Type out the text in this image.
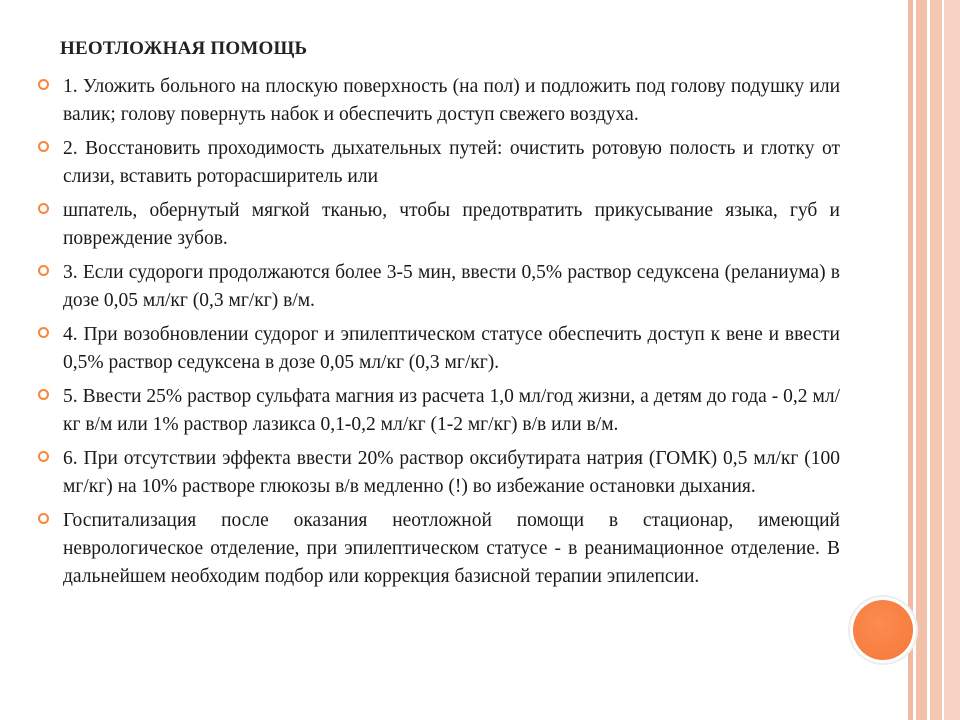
НЕОТЛОЖНАЯ ПОМОЩЬ
1. Уложить больного на плоскую поверхность (на пол) и подложить под голову подушку или валик; голову повернуть набок и обеспечить доступ свежего воздуха.
2. Восстановить проходимость дыхательных путей: очистить ротовую полость и глотку от слизи, вставить роторасширитель или
шпатель, обернутый мягкой тканью, чтобы предотвратить прикусывание языка, губ и повреждение зубов.
3. Если судороги продолжаются более 3-5 мин, ввести 0,5% раствор седуксена (реланиума) в дозе 0,05 мл/кг (0,3 мг/кг) в/м.
4. При возобновлении судорог и эпилептическом статусе обеспечить доступ к вене и ввести 0,5% раствор седуксена в дозе 0,05 мл/кг (0,3 мг/кг).
5. Ввести 25% раствор сульфата магния из расчета 1,0 мл/год жизни, а детям до года - 0,2 мл/кг в/м или 1% раствор лазикса 0,1-0,2 мл/кг (1-2 мг/кг) в/в или в/м.
6. При отсутствии эффекта ввести 20% раствор оксибутирата натрия (ГОМК) 0,5 мл/кг (100 мг/кг) на 10% растворе глюкозы в/в медленно (!) во избежание остановки дыхания.
Госпитализация после оказания неотложной помощи в стационар, имеющий неврологическое отделение, при эпилептическом статусе - в реанимационное отделение. В дальнейшем необходим подбор или коррекция базисной терапии эпилепсии.
